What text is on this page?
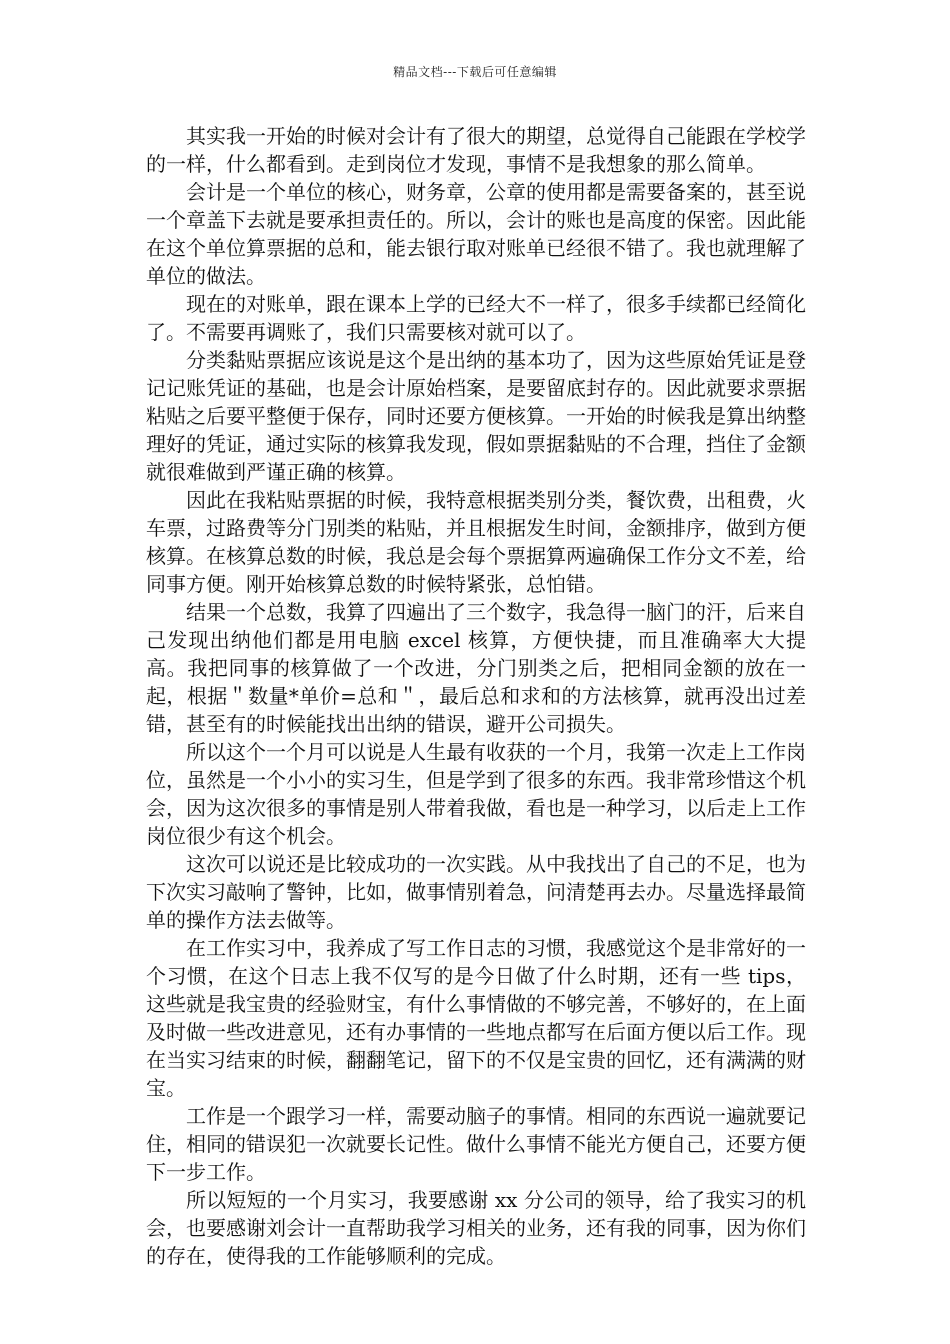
精品文档---下载后可任意编辑

其实我一开始的时候对会计有了很大的期望，总觉得自己能跟在学校学的一样，什么都看到。走到岗位才发现，事情不是我想象的那么简单。

会计是一个单位的核心，财务章，公章的使用都是需要备案的，甚至说一个章盖下去就是要承担责任的。所以，会计的账也是高度的保密。因此能在这个单位算票据的总和，能去银行取对账单已经很不错了。我也就理解了单位的做法。

现在的对账单，跟在课本上学的已经大不一样了，很多手续都已经简化了。不需要再调账了，我们只需要核对就可以了。

分类黏贴票据应该说是这个是出纳的基本功了，因为这些原始凭证是登记记账凭证的基础，也是会计原始档案，是要留底封存的。因此就要求票据粘贴之后要平整便于保存，同时还要方便核算。一开始的时候我是算出纳整理好的凭证，通过实际的核算我发现，假如票据黏贴的不合理，挡住了金额就很难做到严谨正确的核算。

因此在我粘贴票据的时候，我特意根据类别分类，餐饮费，出租费，火车票，过路费等分门别类的粘贴，并且根据发生时间，金额排序，做到方便核算。在核算总数的时候，我总是会每个票据算两遍确保工作分文不差，给同事方便。刚开始核算总数的时候特紧张，总怕错。

结果一个总数，我算了四遍出了三个数字，我急得一脑门的汗，后来自己发现出纳他们都是用电脑 excel 核算，方便快捷，而且准确率大大提高。我把同事的核算做了一个改进，分门别类之后，把相同金额的放在一起，根据＂数量*单价=总和＂，最后总和求和的方法核算，就再没出过差错，甚至有的时候能找出出纳的错误，避开公司损失。

所以这个一个月可以说是人生最有收获的一个月，我第一次走上工作岗位，虽然是一个小小的实习生，但是学到了很多的东西。我非常珍惜这个机会，因为这次很多的事情是别人带着我做，看也是一种学习，以后走上工作岗位很少有这个机会。

这次可以说还是比较成功的一次实践。从中我找出了自己的不足，也为下次实习敲响了警钟，比如，做事情别着急，问清楚再去办。尽量选择最简单的操作方法去做等。

在工作实习中，我养成了写工作日志的习惯，我感觉这个是非常好的一个习惯，在这个日志上我不仅写的是今日做了什么时期，还有一些 tips，这些就是我宝贵的经验财宝，有什么事情做的不够完善，不够好的，在上面及时做一些改进意见，还有办事情的一些地点都写在后面方便以后工作。现在当实习结束的时候，翻翻笔记，留下的不仅是宝贵的回忆，还有满满的财宝。

工作是一个跟学习一样，需要动脑子的事情。相同的东西说一遍就要记住，相同的错误犯一次就要长记性。做什么事情不能光方便自己，还要方便下一步工作。

所以短短的一个月实习，我要感谢 xx 分公司的领导，给了我实习的机会，也要感谢刘会计一直帮助我学习相关的业务，还有我的同事，因为你们的存在，使得我的工作能够顺利的完成。
